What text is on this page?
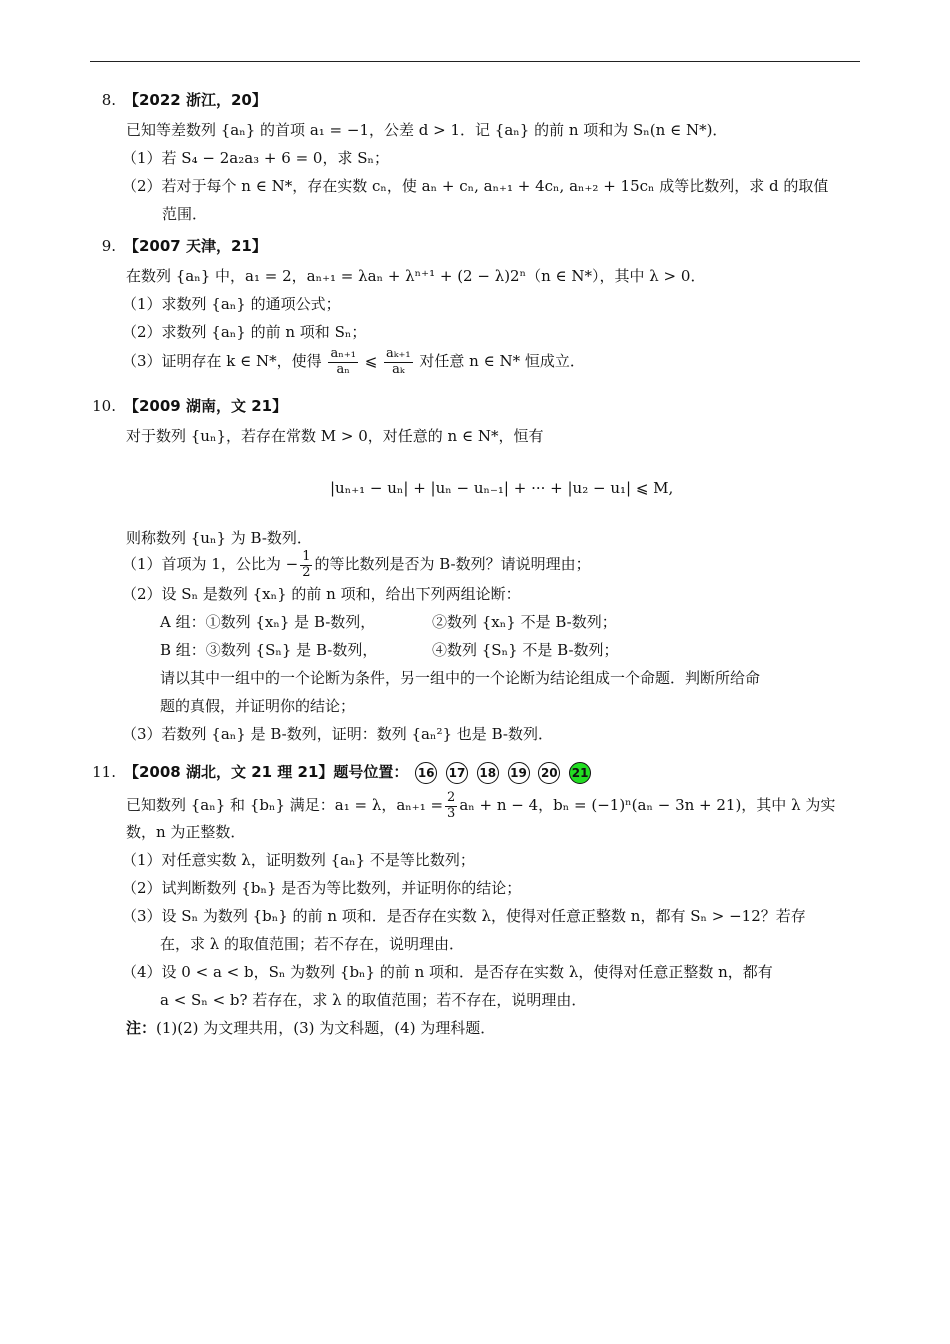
8. 【2022 浙江，20】
已知等差数列 {aₙ} 的首项 a₁ = −1，公差 d > 1．记 {aₙ} 的前 n 项和为 Sₙ(n ∈ N*)．
（1）若 S₄ − 2a₂a₃ + 6 = 0，求 Sₙ；
（2）若对于每个 n ∈ N*，存在实数 cₙ，使 aₙ + cₙ, aₙ₊₁ + 4cₙ, aₙ₊₂ + 15cₙ 成等比数列，求 d 的取值
范围．
9. 【2007 天津，21】
在数列 {aₙ} 中，a₁ = 2，aₙ₊₁ = λaₙ + λⁿ⁺¹ + (2 − λ)2ⁿ（n ∈ N*），其中 λ > 0．
（1）求数列 {aₙ} 的通项公式；
（2）求数列 {aₙ} 的前 n 项和 Sₙ；
（3）证明存在 k ∈ N*，使得 $\frac{\text{aₙ₊₁}}{\text{aₙ}}$ ⩽ $\frac{\text{aₖ₊₁}}{\text{aₖ}}$ 对任意 n ∈ N* 恒成立．
10. 【2009 湖南，文 21】
对于数列 {uₙ}，若存在常数 M > 0，对任意的 n ∈ N*，恒有
|uₙ₊₁ − uₙ| + |uₙ − uₙ₋₁| + ··· + |u₂ − u₁| ⩽ M,
则称数列 {uₙ} 为 B-数列．
（1）首项为 1，公比为 − $\frac{1}{2}$ 的等比数列是否为 B-数列？请说明理由；
（2）设 Sₙ 是数列 {xₙ} 的前 n 项和，给出下列两组论断：
A 组：①数列 {xₙ} 是 B-数列，	②数列 {xₙ} 不是 B-数列；
B 组：③数列 {Sₙ} 是 B-数列，	④数列 {Sₙ} 不是 B-数列；
请以其中一组中的一个论断为条件，另一组中的一个论断为结论组成一个命题．判断所给命
题的真假，并证明你的结论；
（3）若数列 {aₙ} 是 B-数列，证明：数列 {aₙ²} 也是 B-数列．
11. 【2008 湖北，文 21 理 21】题号位置： 16 17 18 19 20 21
已知数列 {aₙ} 和 {bₙ} 满足：a₁ = λ，$a_{n+1} = \frac{2}{3}$ aₙ + n − 4，bₙ = (−1)ⁿ(aₙ − 3n + 21)，其中 λ 为实
数，n 为正整数．
（1）对任意实数 λ，证明数列 {aₙ} 不是等比数列；
（2）试判断数列 {bₙ} 是否为等比数列，并证明你的结论；
（3）设 Sₙ 为数列 {bₙ} 的前 n 项和．是否存在实数 λ，使得对任意正整数 n，都有 Sₙ > −12？若存
在，求 λ 的取值范围；若不存在，说明理由．
（4）设 0 < a < b，Sₙ 为数列 {bₙ} 的前 n 项和．是否存在实数 λ，使得对任意正整数 n，都有
a < Sₙ < b? 若存在，求 λ 的取值范围；若不存在，说明理由．
注：(1)(2) 为文理共用，(3) 为文科题，(4) 为理科题．
